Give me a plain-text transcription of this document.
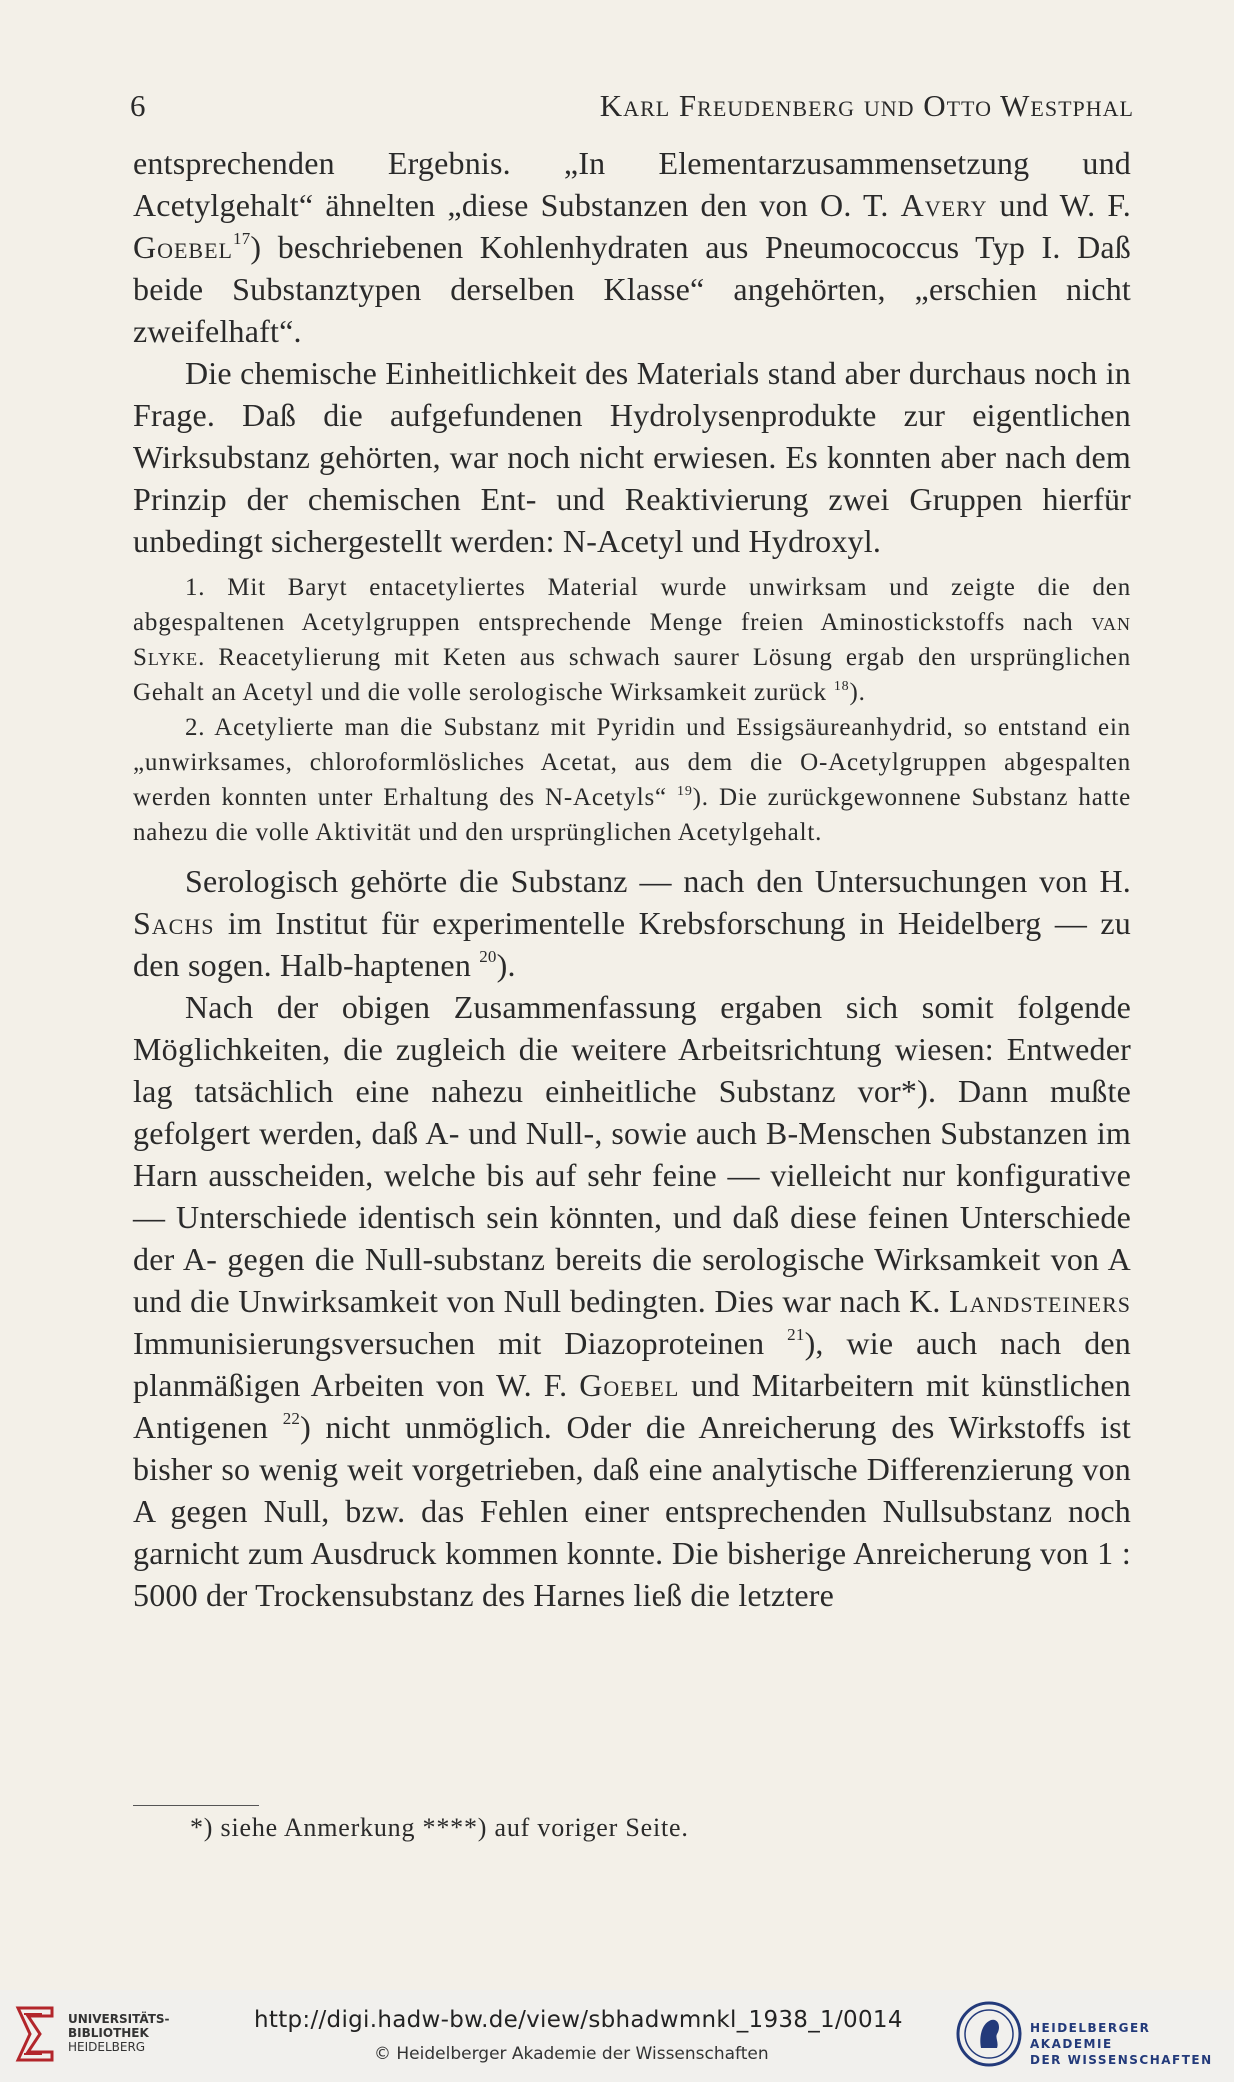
6	Karl Freudenberg und Otto Westphal

entsprechenden Ergebnis. „In Elementarzusammensetzung und Acetylgehalt“ ähnelten „diese Substanzen den von O. T. Avery und W. F. Goebel$^{17}$) beschriebenen Kohlenhydraten aus Pneumococcus Typ I. Daß beide Substanztypen derselben Klasse“ angehörten, „erschien nicht zweifelhaft“.

Die chemische Einheitlichkeit des Materials stand aber durchaus noch in Frage. Daß die aufgefundenen Hydrolysenprodukte zur eigentlichen Wirksubstanz gehörten, war noch nicht erwiesen. Es konnten aber nach dem Prinzip der chemischen Ent- und Reaktivierung zwei Gruppen hierfür unbedingt sichergestellt werden: N-Acetyl und Hydroxyl.

1. Mit Baryt entacetyliertes Material wurde unwirksam und zeigte die den abgespaltenen Acetylgruppen entsprechende Menge freien Aminostickstoffs nach van Slyke. Reacetylierung mit Keten aus schwach saurer Lösung ergab den ursprünglichen Gehalt an Acetyl und die volle serologische Wirksamkeit zurück $^{18}$).

2. Acetylierte man die Substanz mit Pyridin und Essigsäureanhydrid, so entstand ein „unwirksames, chloroformlösliches Acetat, aus dem die O-Acetylgruppen abgespalten werden konnten unter Erhaltung des N-Acetyls“ $^{19}$). Die zurückgewonnene Substanz hatte nahezu die volle Aktivität und den ursprünglichen Acetylgehalt.

Serologisch gehörte die Substanz — nach den Untersuchungen von H. Sachs im Institut für experimentelle Krebsforschung in Heidelberg — zu den sogen. Halb-haptenen $^{20}$).

Nach der obigen Zusammenfassung ergaben sich somit folgende Möglichkeiten, die zugleich die weitere Arbeitsrichtung wiesen: Entweder lag tatsächlich eine nahezu einheitliche Substanz vor*). Dann mußte gefolgert werden, daß A- und Null-, sowie auch B-Menschen Substanzen im Harn ausscheiden, welche bis auf sehr feine — vielleicht nur konfigurative — Unterschiede identisch sein könnten, und daß diese feinen Unterschiede der A- gegen die Null-substanz bereits die serologische Wirksamkeit von A und die Unwirksamkeit von Null bedingten. Dies war nach K. Landsteiners Immunisierungsversuchen mit Diazoproteinen $^{21}$), wie auch nach den planmäßigen Arbeiten von W. F. Goebel und Mitarbeitern mit künstlichen Antigenen $^{22}$) nicht unmöglich. Oder die Anreicherung des Wirkstoffs ist bisher so wenig weit vorgetrieben, daß eine analytische Differenzierung von A gegen Null, bzw. das Fehlen einer entsprechenden Nullsubstanz noch garnicht zum Ausdruck kommen konnte. Die bisherige Anreicherung von 1 : 5000 der Trockensubstanz des Harnes ließ die letztere

*) siehe Anmerkung ****) auf voriger Seite.
UNIVERSITÄTS-
BIBLIOTHEK
HEIDELBERG
http://digi.hadw-bw.de/view/sbhadwmnkl_1938_1/0014
© Heidelberger Akademie der Wissenschaften
HEIDELBERGER AKADEMIE
DER WISSENSCHAFTEN
